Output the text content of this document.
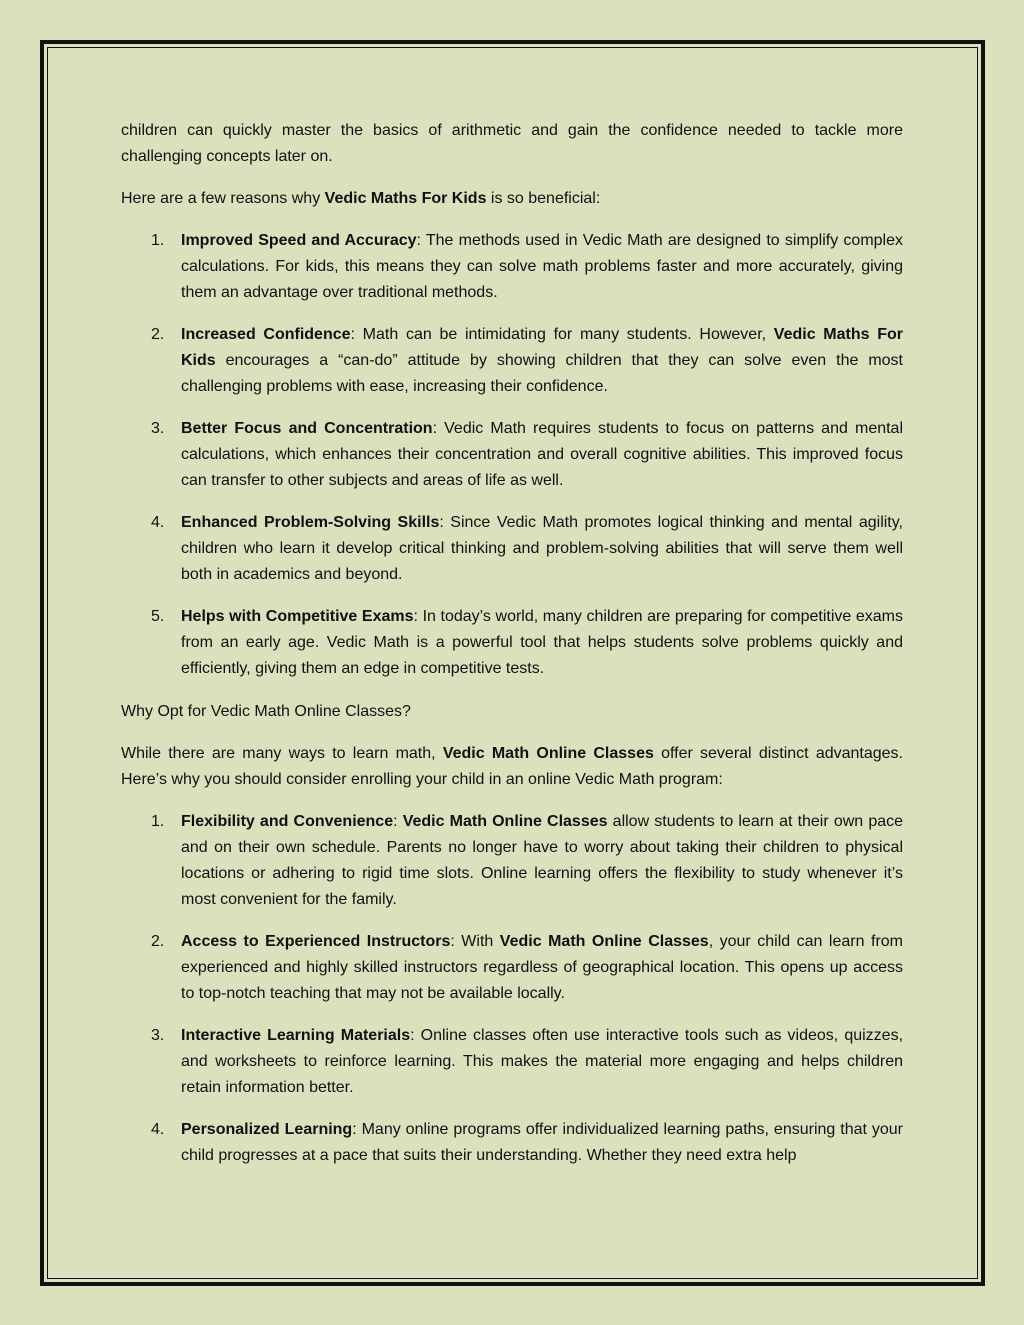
children can quickly master the basics of arithmetic and gain the confidence needed to tackle more challenging concepts later on.

Here are a few reasons why Vedic Maths For Kids is so beneficial:

1. Improved Speed and Accuracy: The methods used in Vedic Math are designed to simplify complex calculations. For kids, this means they can solve math problems faster and more accurately, giving them an advantage over traditional methods.
2. Increased Confidence: Math can be intimidating for many students. However, Vedic Maths For Kids encourages a “can-do” attitude by showing children that they can solve even the most challenging problems with ease, increasing their confidence.
3. Better Focus and Concentration: Vedic Math requires students to focus on patterns and mental calculations, which enhances their concentration and overall cognitive abilities. This improved focus can transfer to other subjects and areas of life as well.
4. Enhanced Problem-Solving Skills: Since Vedic Math promotes logical thinking and mental agility, children who learn it develop critical thinking and problem-solving abilities that will serve them well both in academics and beyond.
5. Helps with Competitive Exams: In today’s world, many children are preparing for competitive exams from an early age. Vedic Math is a powerful tool that helps students solve problems quickly and efficiently, giving them an edge in competitive tests.

Why Opt for Vedic Math Online Classes?

While there are many ways to learn math, Vedic Math Online Classes offer several distinct advantages. Here’s why you should consider enrolling your child in an online Vedic Math program:

1. Flexibility and Convenience: Vedic Math Online Classes allow students to learn at their own pace and on their own schedule. Parents no longer have to worry about taking their children to physical locations or adhering to rigid time slots. Online learning offers the flexibility to study whenever it’s most convenient for the family.
2. Access to Experienced Instructors: With Vedic Math Online Classes, your child can learn from experienced and highly skilled instructors regardless of geographical location. This opens up access to top-notch teaching that may not be available locally.
3. Interactive Learning Materials: Online classes often use interactive tools such as videos, quizzes, and worksheets to reinforce learning. This makes the material more engaging and helps children retain information better.
4. Personalized Learning: Many online programs offer individualized learning paths, ensuring that your child progresses at a pace that suits their understanding. Whether they need extra help
